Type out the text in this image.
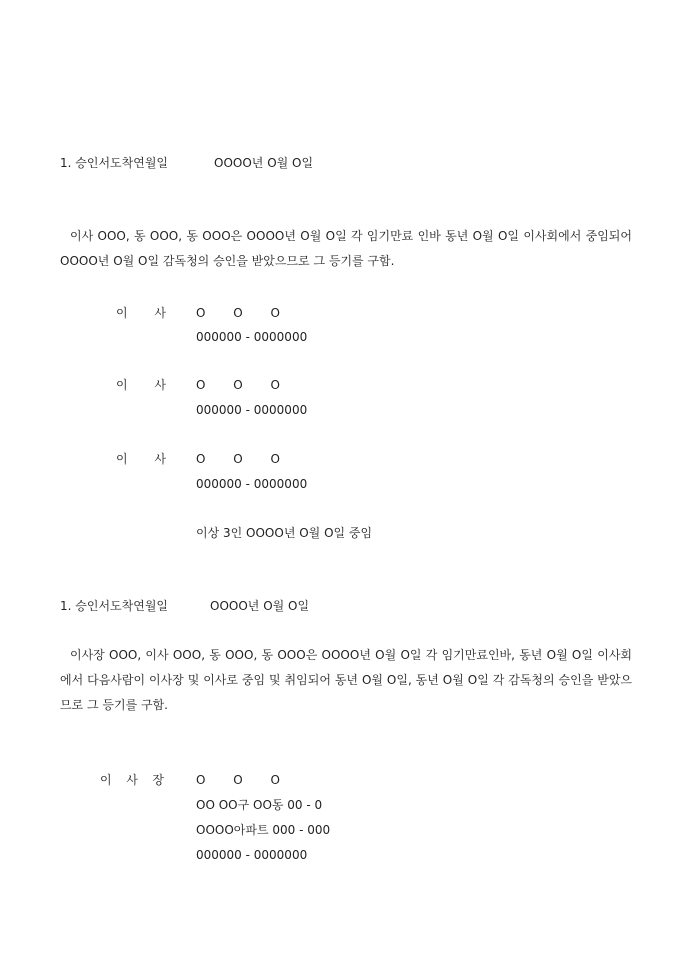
1. 승인서도착연월일	OOOO년 O월 O일
이사 OOO, 동 OOO, 동 OOO은 OOOO년 O월 O일 각 임기만료 인바 동년 O월 O일 이사회에서 중임되어 OOOO년 O월 O일 감독청의 승인을 받았으므로 그 등기를 구함.
이 사	O O O
000000 - 0000000
이 사	O O O
000000 - 0000000
이 사	O O O
000000 - 0000000
이상 3인 OOOO년 O월 O일 중임
1. 승인서도착연월일	OOOO년 O월 O일
이사장 OOO, 이사 OOO, 동 OOO, 동 OOO은 OOOO년 O월 O일 각 임기만료인바, 동년 O월 O일 이사회에서 다음사람이 이사장 및 이사로 중임 및 취임되어 동년 O월 O일, 동년 O월 O일 각 감독청의 승인을 받았으므로 그 등기를 구함.
이 사 장	O O O
OO OO구 OO동 00 - 0
OOOO아파트 000 - 000
000000 - 0000000
